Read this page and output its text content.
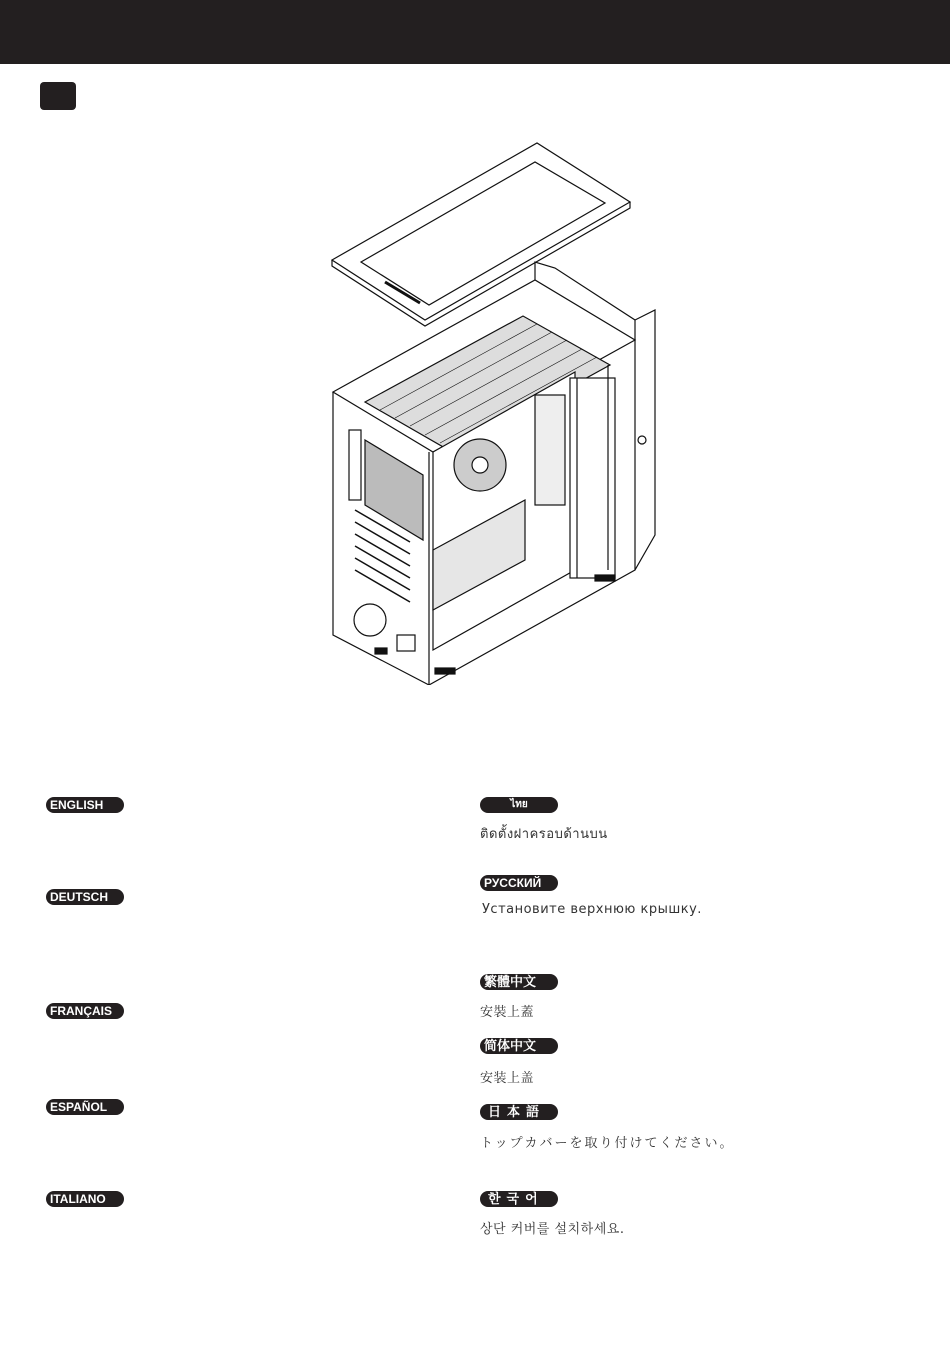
ENGLISH
DEUTSCH
FRANÇAIS
ESPAÑOL
ITALIANO
ไทย
ติดตั้งฝาครอบด้านบน
РУССКИЙ
Установите верхнюю крышку.
繁體中文
安裝上蓋
简体中文
安装上盖
日本語
トップカバーを取り付けてください。
한국어
상단 커버를 설치하세요.
